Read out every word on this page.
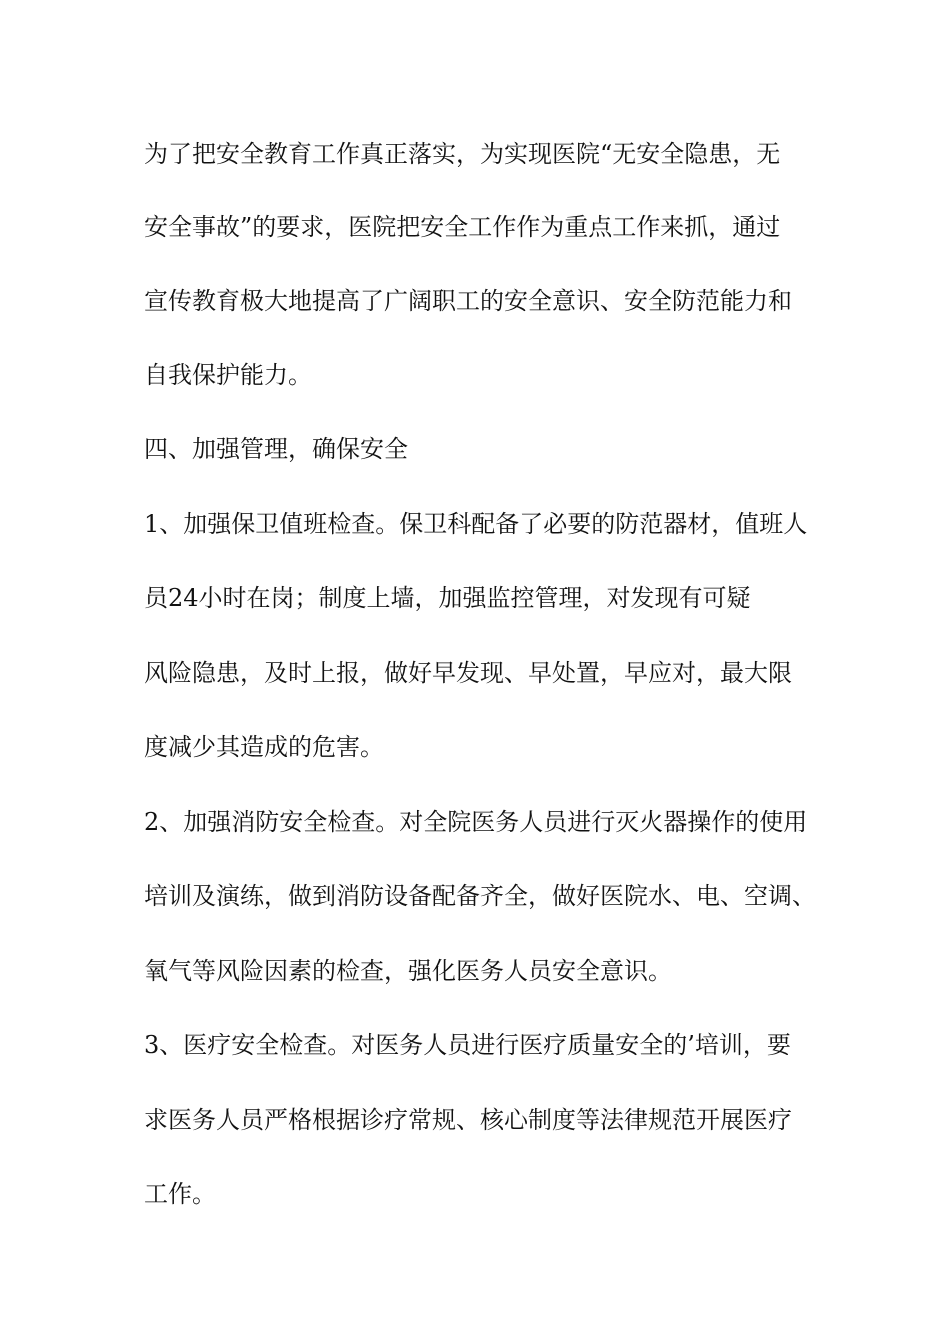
为了把安全教育工作真正落实，为实现医院“无安全隐患，无
安全事故”的要求，医院把安全工作作为重点工作来抓，通过
宣传教育极大地提高了广阔职工的安全意识、安全防范能力和
自我保护能力。
四、加强管理，确保安全
1、加强保卫值班检查。保卫科配备了必要的防范器材，值班人
员24小时在岗；制度上墙，加强监控管理，对发现有可疑
风险隐患，及时上报，做好早发现、早处置，早应对，最大限
度减少其造成的危害。
2、加强消防安全检查。对全院医务人员进行灭火器操作的使用
培训及演练，做到消防设备配备齐全，做好医院水、电、空调、
氧气等风险因素的检查，强化医务人员安全意识。
3、医疗安全检查。对医务人员进行医疗质量安全的’培训，要
求医务人员严格根据诊疗常规、核心制度等法律规范开展医疗
工作。
